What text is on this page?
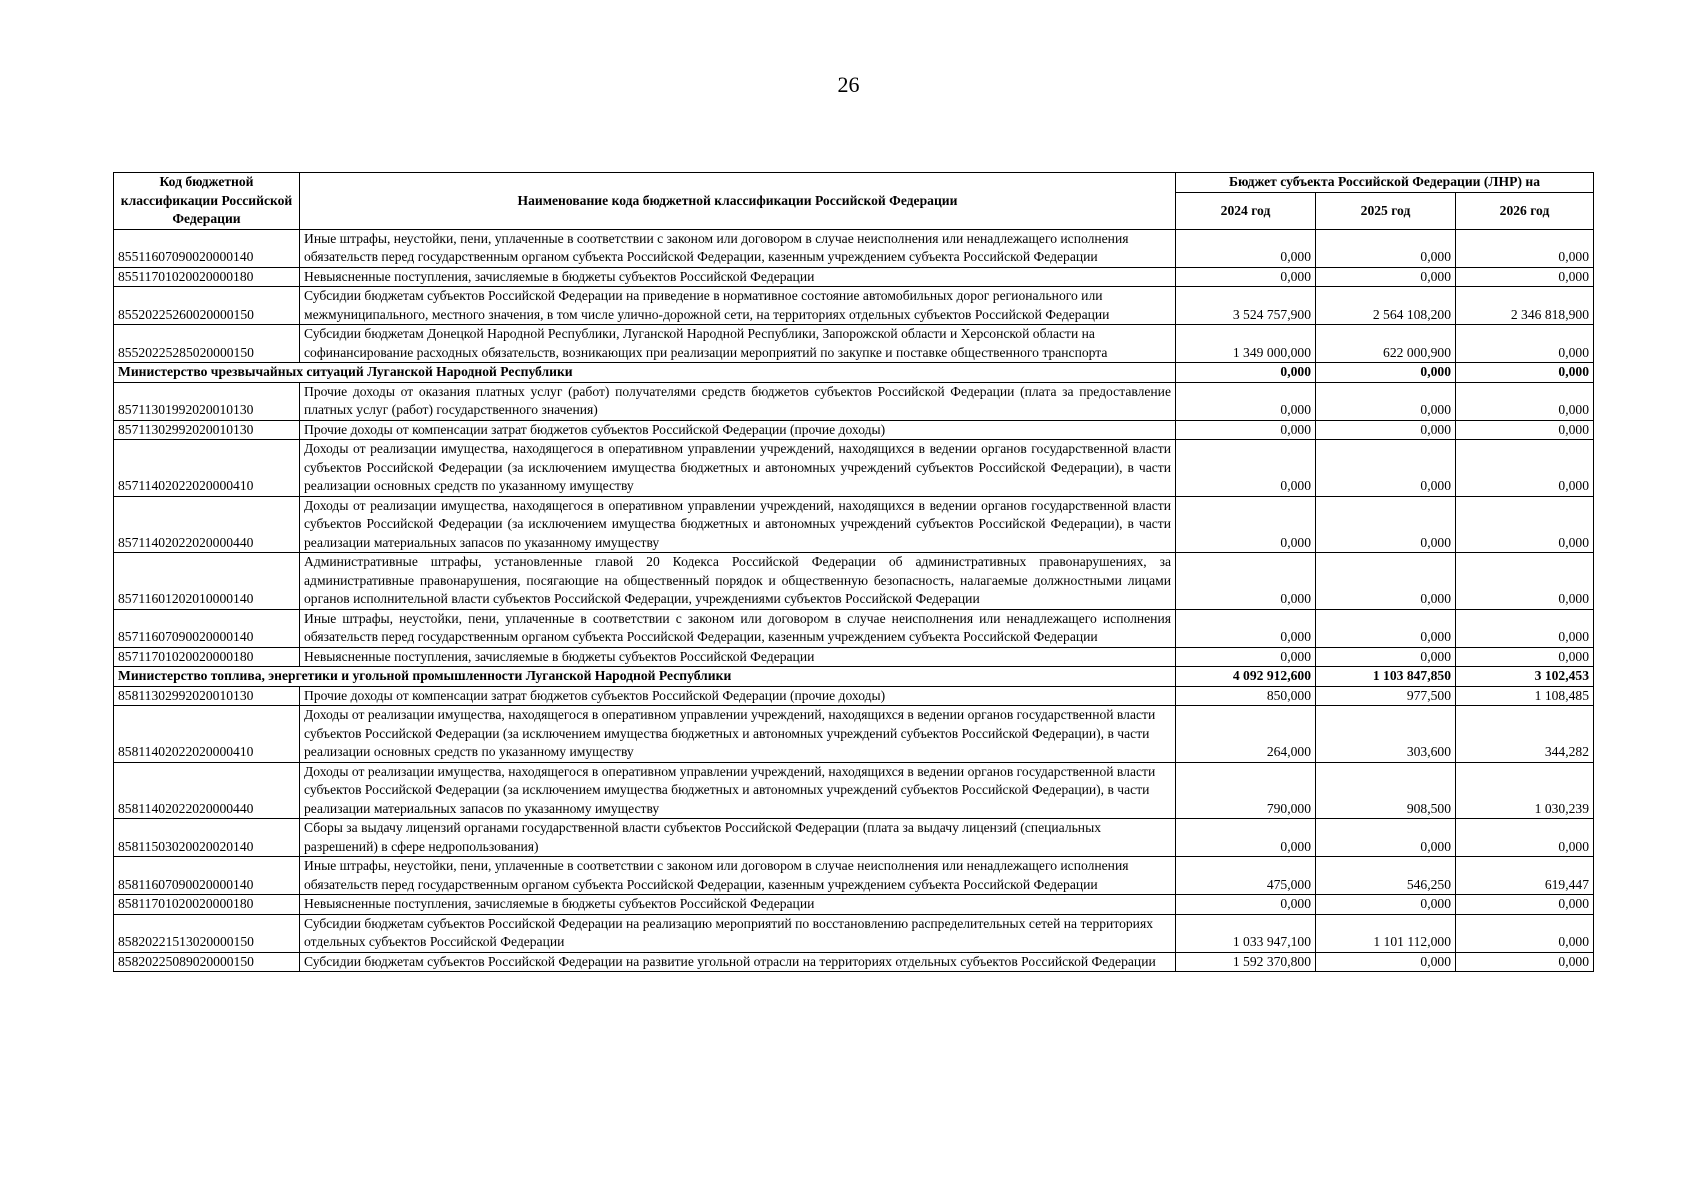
26
Код бюджетной классификации Российской Федерации	Наименование кода бюджетной классификации Российской Федерации	Бюджет субъекта Российской Федерации (ЛНР) на		
		2024 год	2025 год	2026 год
85511607090020000140	Иные штрафы, неустойки, пени, уплаченные в соответствии с законом или договором в случае неисполнения или ненадлежащего исполнения обязательств перед государственным органом субъекта Российской Федерации, казенным учреждением субъекта Российской Федерации	0,000	0,000	0,000
85511701020020000180	Невыясненные поступления, зачисляемые в бюджеты субъектов Российской Федерации	0,000	0,000	0,000
85520225260020000150	Субсидии бюджетам субъектов Российской Федерации на приведение в нормативное состояние автомобильных дорог регионального или межмуниципального, местного значения, в том числе улично-дорожной сети, на территориях отдельных субъектов Российской Федерации	3 524 757,900	2 564 108,200	2 346 818,900
85520225285020000150	Субсидии бюджетам Донецкой Народной Республики, Луганской Народной Республики, Запорожской области и Херсонской области на софинансирование расходных обязательств, возникающих при реализации мероприятий по закупке и поставке общественного транспорта	1 349 000,000	622 000,900	0,000
Министерство чрезвычайных ситуаций Луганской Народной Республики		0,000	0,000	0,000
85711301992020010130	Прочие доходы от оказания платных услуг (работ) получателями средств бюджетов субъектов Российской Федерации (плата за предоставление платных услуг (работ) государственного значения)	0,000	0,000	0,000
85711302992020010130	Прочие доходы от компенсации затрат бюджетов субъектов Российской Федерации (прочие доходы)	0,000	0,000	0,000
85711402022020000410	Доходы от реализации имущества, находящегося в оперативном управлении учреждений, находящихся в ведении органов государственной власти субъектов Российской Федерации (за исключением имущества бюджетных и автономных учреждений субъектов Российской Федерации), в части реализации основных средств по указанному имуществу	0,000	0,000	0,000
85711402022020000440	Доходы от реализации имущества, находящегося в оперативном управлении учреждений, находящихся в ведении органов государственной власти субъектов Российской Федерации (за исключением имущества бюджетных и автономных учреждений субъектов Российской Федерации), в части реализации материальных запасов по указанному имуществу	0,000	0,000	0,000
85711601202010000140	Административные штрафы, установленные главой 20 Кодекса Российской Федерации об административных правонарушениях, за административные правонарушения, посягающие на общественный порядок и общественную безопасность, налагаемые должностными лицами органов исполнительной власти субъектов Российской Федерации, учреждениями субъектов Российской Федерации	0,000	0,000	0,000
85711607090020000140	Иные штрафы, неустойки, пени, уплаченные в соответствии с законом или договором в случае неисполнения или ненадлежащего исполнения обязательств перед государственным органом субъекта Российской Федерации, казенным учреждением субъекта Российской Федерации	0,000	0,000	0,000
85711701020020000180	Невыясненные поступления, зачисляемые в бюджеты субъектов Российской Федерации	0,000	0,000	0,000
Министерство топлива, энергетики и угольной промышленности Луганской Народной Республики		4 092 912,600	1 103 847,850	3 102,453
85811302992020010130	Прочие доходы от компенсации затрат бюджетов субъектов Российской Федерации (прочие доходы)	850,000	977,500	1 108,485
85811402022020000410	Доходы от реализации имущества, находящегося в оперативном управлении учреждений, находящихся в ведении органов государственной власти субъектов Российской Федерации (за исключением имущества бюджетных и автономных учреждений субъектов Российской Федерации), в части реализации основных средств по указанному имуществу	264,000	303,600	344,282
85811402022020000440	Доходы от реализации имущества, находящегося в оперативном управлении учреждений, находящихся в ведении органов государственной власти субъектов Российской Федерации (за исключением имущества бюджетных и автономных учреждений субъектов Российской Федерации), в части реализации материальных запасов по указанному имуществу	790,000	908,500	1 030,239
85811503020020020140	Сборы за выдачу лицензий органами государственной власти субъектов Российской Федерации (плата за выдачу лицензий (специальных разрешений) в сфере недропользования)	0,000	0,000	0,000
85811607090020000140	Иные штрафы, неустойки, пени, уплаченные в соответствии с законом или договором в случае неисполнения или ненадлежащего исполнения обязательств перед государственным органом субъекта Российской Федерации, казенным учреждением субъекта Российской Федерации	475,000	546,250	619,447
85811701020020000180	Невыясненные поступления, зачисляемые в бюджеты субъектов Российской Федерации	0,000	0,000	0,000
85820221513020000150	Субсидии бюджетам субъектов Российской Федерации на реализацию мероприятий по восстановлению распределительных сетей на территориях отдельных субъектов Российской Федерации	1 033 947,100	1 101 112,000	0,000
85820225089020000150	Субсидии бюджетам субъектов Российской Федерации на развитие угольной отрасли на территориях отдельных субъектов Российской Федерации	1 592 370,800	0,000	0,000
